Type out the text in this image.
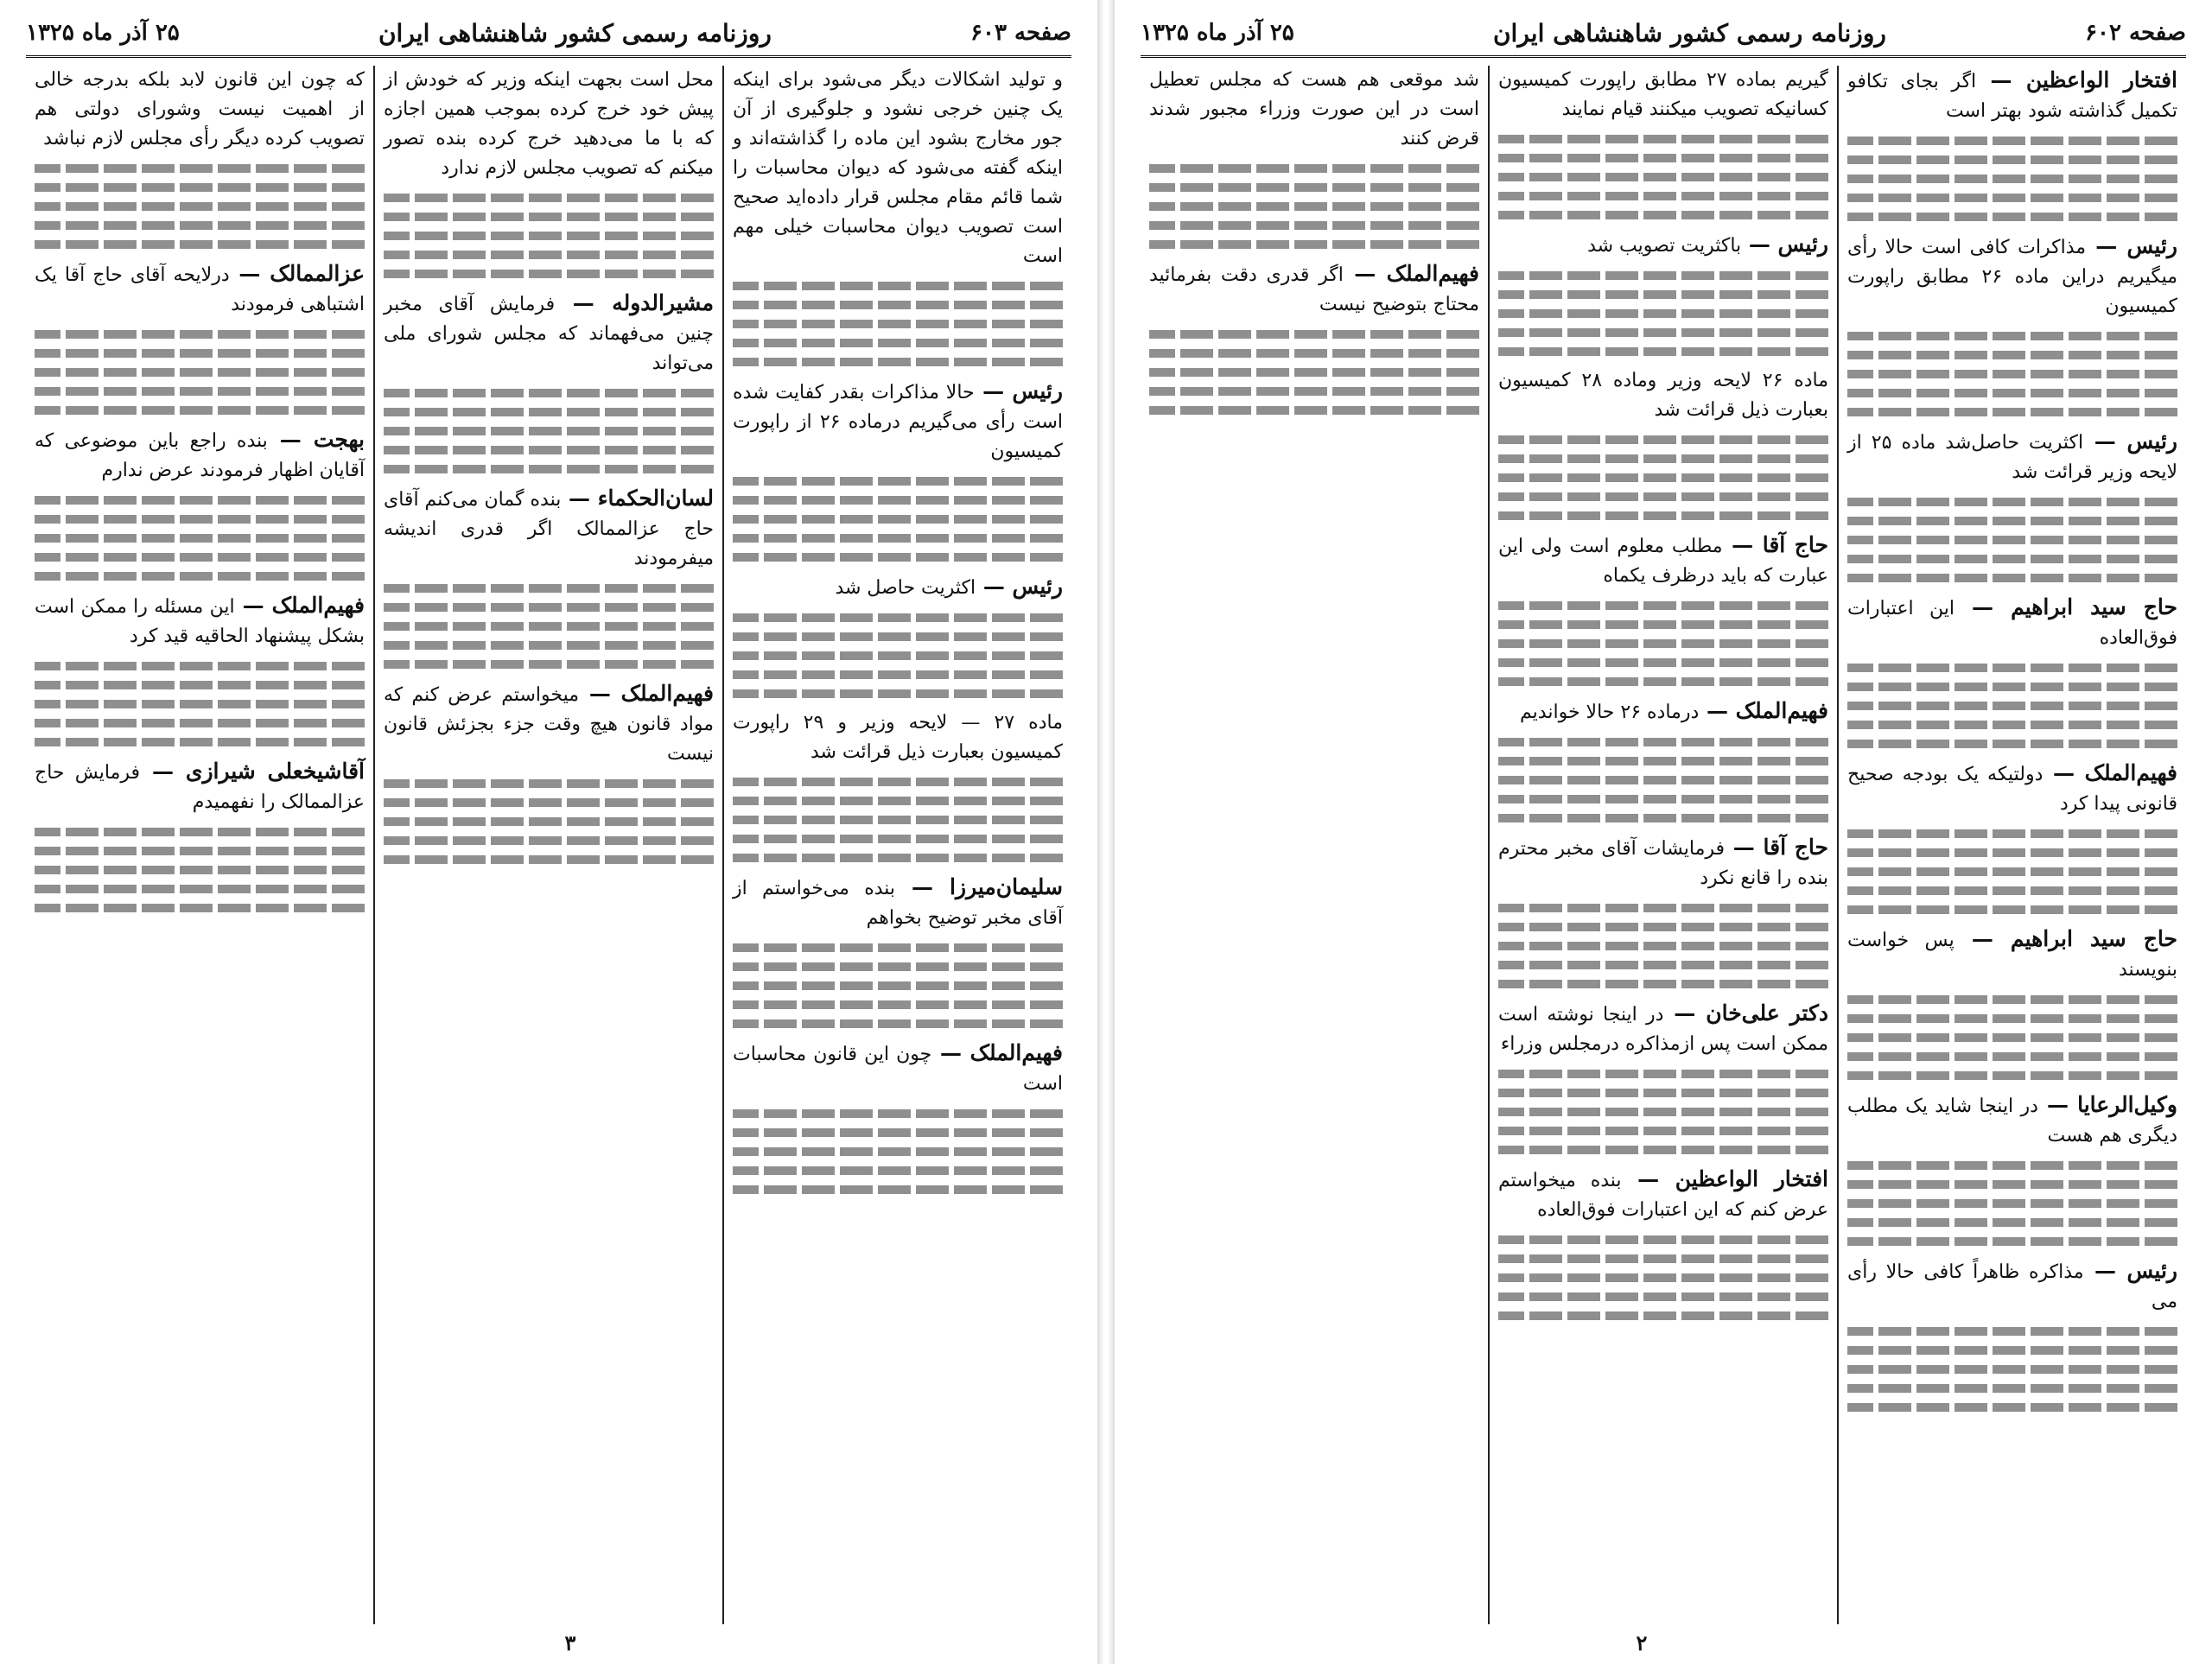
صفحه ۶۰۳
روزنامه رسمی کشور شاهنشاهی ایران
۲۵ آذر ماه ۱۳۲۵
و تولید اشکالات دیگر می‌شود برای اینکه یک چنین خرجی نشود و جلوگیری از آن جور مخارج بشود این ماده را گذاشته‌اند و اینکه گفته می‌شود که دیوان محاسبات را شما قائم مقام مجلس قرار داده‌اید صحیح است تصویب دیوان محاسبات خیلی مهم است
رئیس — حالا مذاکرات بقدر کفایت شده است رأی می‌گیریم درماده ۲۶ از راپورت کمیسیون
رئیس — اکثریت حاصل شد
ماده ۲۷ — لایحه وزیر و ۲۹ راپورت کمیسیون بعبارت ذیل قرائت شد
سلیمان‌میرزا — بنده می‌خواستم از آقای مخبر توضیح بخواهم
فهیم‌الملک — چون این قانون محاسبات است
محل است بجهت اینکه وزیر که خودش از پیش خود خرج کرده بموجب همین اجازه که با ما می‌دهید خرج کرده بنده تصور میکنم که تصویب مجلس لازم ندارد
مشیرالدوله — فرمایش آقای مخبر چنین می‌فهماند که مجلس شورای ملی می‌تواند
لسان‌الحکماء — بنده گمان می‌کنم آقای حاج عزالممالک اگر قدری اندیشه میفرمودند
فهیم‌الملک — میخواستم عرض کنم که مواد قانون هیچ وقت جزء بجزئش قانون نیست
که چون این قانون لابد بلکه بدرجه خالی از اهمیت نیست وشورای دولتی هم تصویب کرده دیگر رأی مجلس لازم نباشد
عزالممالک — درلایحه آقای حاج آقا یک اشتباهی فرمودند
بهجت — بنده راجع باین موضوعی که آقایان اظهار فرمودند عرض ندارم
فهیم‌الملک — این مسئله را ممکن است بشکل پیشنهاد الحاقیه قید کرد
آقاشیخعلی شیرازی — فرمایش حاج عزالممالک را نفهمیدم
۳
صفحه ۶۰۲
روزنامه رسمی کشور شاهنشاهی ایران
۲۵ آذر ماه ۱۳۲۵
افتخار الواعظین — اگر بجای تکافو تکمیل گذاشته شود بهتر است
رئیس — مذاکرات کافی است حالا رأی میگیریم دراین ماده ۲۶ مطابق راپورت کمیسیون
رئیس — اکثریت حاصل‌شد ماده ۲۵ از لایحه وزیر قرائت شد
حاج سید ابراهیم — این اعتبارات فوق‌العاده
فهیم‌الملک — دولتیکه یک بودجه صحیح قانونی پیدا کرد
حاج سید ابراهیم — پس خواست بنویسند
وکیل‌الرعایا — در اینجا شاید یک مطلب دیگری هم هست
رئیس — مذاکره ظاهراً کافی حالا رأی می
گیریم بماده ۲۷ مطابق راپورت کمیسیون کسانیکه تصویب میکنند قیام نمایند
رئیس — باکثریت تصویب شد
ماده ۲۶ لایحه وزیر وماده ۲۸ کمیسیون بعبارت ذیل قرائت شد
حاج آقا — مطلب معلوم است ولی این عبارت که باید درظرف یکماه
فهیم‌الملک — درماده ۲۶ حالا خواندیم
حاج آقا — فرمایشات آقای مخبر محترم بنده را قانع نکرد
دکتر علی‌خان — در اینجا نوشته است ممکن است پس ازمذاکره درمجلس وزراء
افتخار الواعظین — بنده میخواستم عرض کنم که این اعتبارات فوق‌العاده
شد موقعی هم هست که مجلس تعطیل است در این صورت وزراء مجبور شدند قرض کنند
فهیم‌الملک — اگر قدری دقت بفرمائید محتاج بتوضیح نیست
۲
